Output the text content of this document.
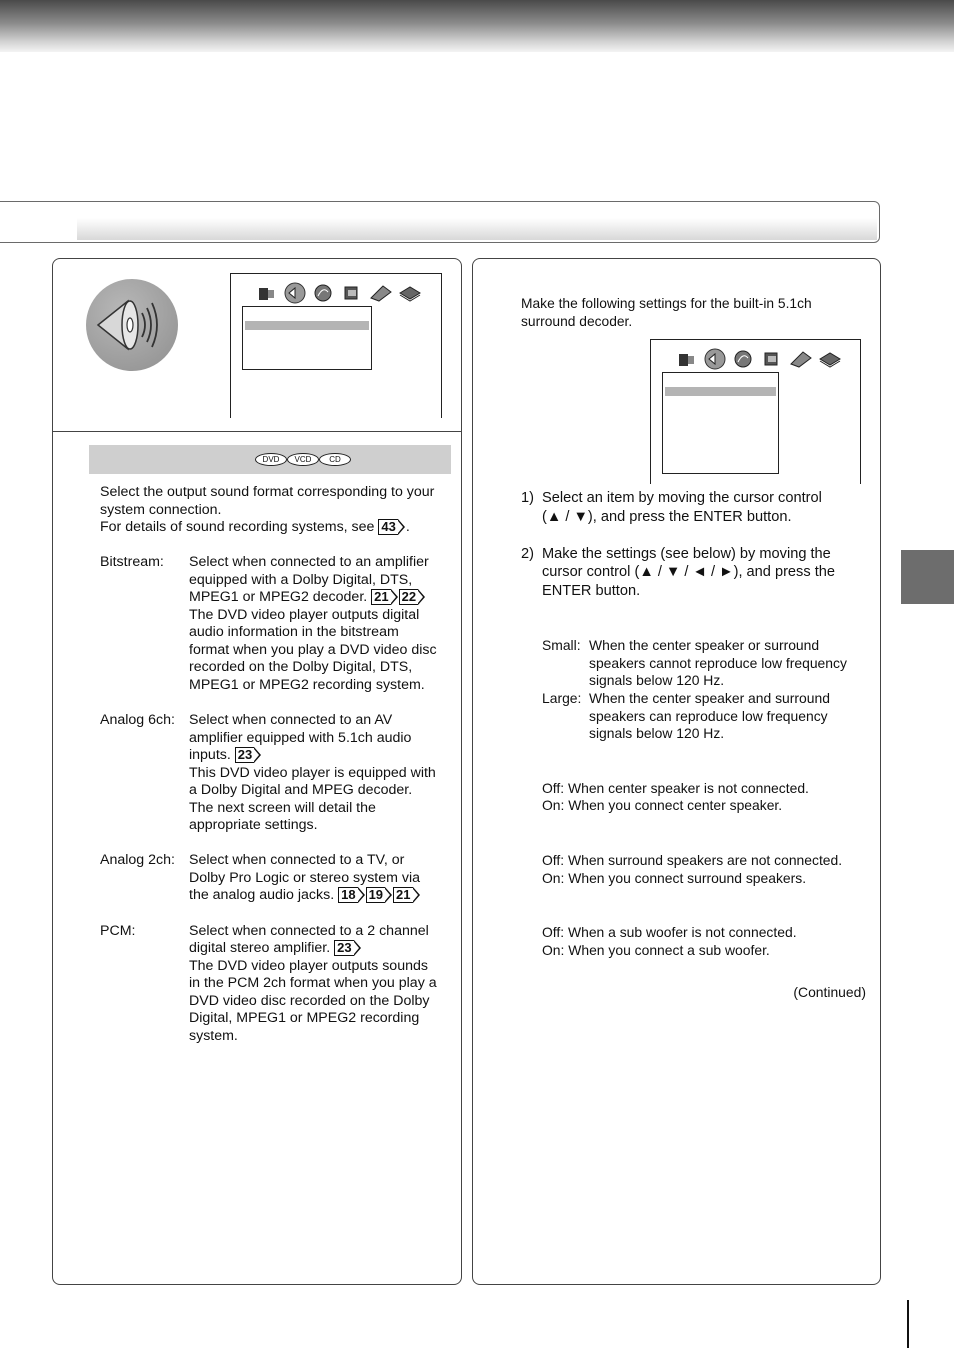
DVD	VCD	CD

Select the output sound format corresponding to your

system connection.

For details of sound recording systems, see 43 .

Bitstream: Select when connected to an amplifier

equipped with a Dolby Digital, DTS,

MPEG1 or MPEG2 decoder. 21 22

The DVD video player outputs digital

audio information in the bitstream

format when you play a DVD video disc

recorded on the Dolby Digital, DTS,

MPEG1 or MPEG2 recording system.

Analog 6ch: Select when connected to an AV

amplifier equipped with 5.1ch audio

inputs. 23

This DVD video player is equipped with

a Dolby Digital and MPEG decoder.

The next screen will detail the

appropriate settings.

Analog 2ch: Select when connected to a TV, or

Dolby Pro Logic or stereo system via

the analog audio jacks. 18 19 21

PCM:	Select when connected to a 2 channel

digital stereo amplifier. 23

The DVD video player outputs sounds

in the PCM 2ch format when you play a

DVD video disc recorded on the Dolby

Digital, MPEG1 or MPEG2 recording

system.

Make the following settings for the built-in 5.1ch

surround decoder.

1) Select an item by moving the cursor control

(▲ / ▼), and press the ENTER button.

2) Make the settings (see below) by moving the

cursor control (▲ / ▼ / ◄ / ►), and press the

ENTER button.

Small: When the center speaker or surround

speakers cannot reproduce low frequency

signals below 120 Hz.

Large: When the center speaker and surround

speakers can reproduce low frequency

signals below 120 Hz.

Off: When center speaker is not connected.

On: When you connect center speaker.

Off: When surround speakers are not connected.

On: When you connect surround speakers.

Off: When a sub woofer is not connected.

On: When you connect a sub woofer.

(Continued)
